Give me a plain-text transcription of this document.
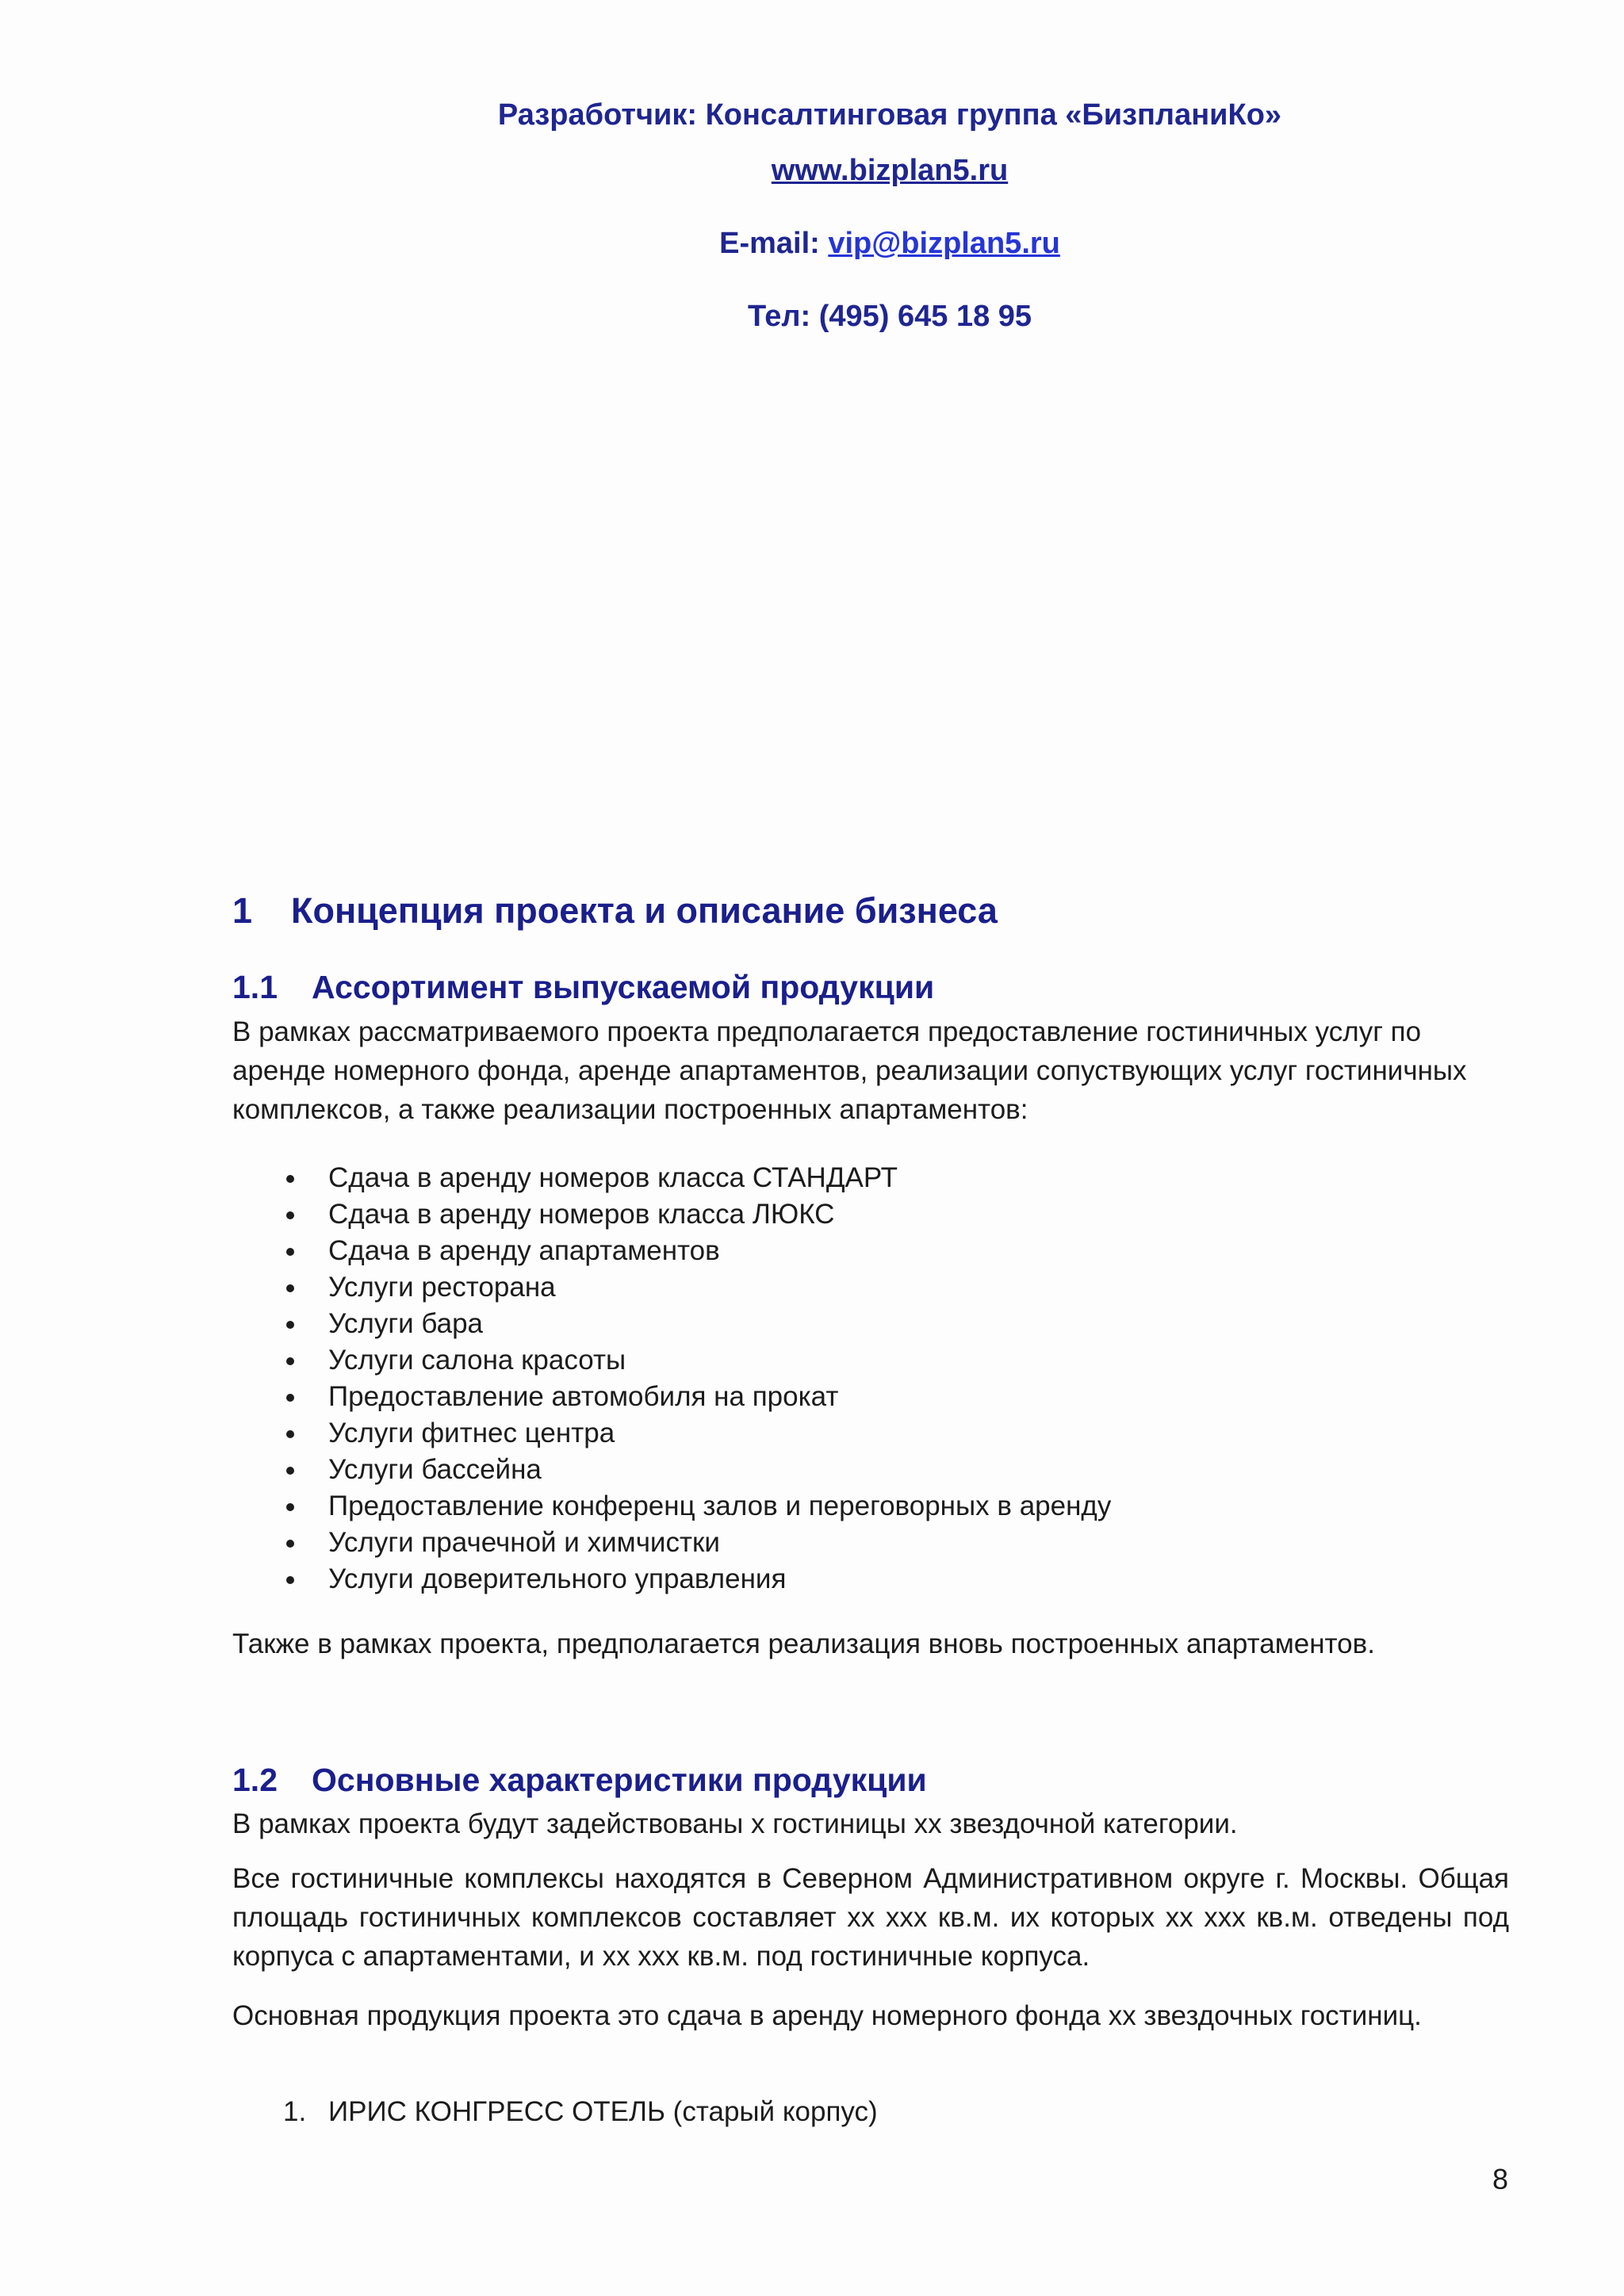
Разработчик: Консалтинговая группа «БизпланиКо»
www.bizplan5.ru
E-mail: vip@bizplan5.ru
Тел: (495) 645 18 95
1 Концепция проекта и описание бизнеса
1.1 Ассортимент выпускаемой продукции
В рамках рассматриваемого проекта предполагается предоставление гостиничных услуг по аренде номерного фонда, аренде апартаментов, реализации сопуствующих услуг гостиничных комплексов, а также реализации построенных апартаментов:
Сдача в аренду номеров класса СТАНДАРТ
Сдача в аренду номеров класса ЛЮКС
Сдача в аренду апартаментов
Услуги ресторана
Услуги бара
Услуги салона красоты
Предоставление автомобиля на прокат
Услуги фитнес центра
Услуги бассейна
Предоставление конференц залов и переговорных в аренду
Услуги прачечной и химчистки
Услуги доверительного управления
Также в рамках проекта, предполагается реализация вновь построенных апартаментов.
1.2 Основные характеристики продукции
В рамках проекта будут задействованы x гостиницы xx звездочной категории.
Все гостиничные комплексы находятся в Северном Административном округе г. Москвы. Общая площадь гостиничных комплексов составляет xx xxx кв.м. их которых xx xxx кв.м. отведены под корпуса с апартаментами, и xx xxx кв.м. под гостиничные корпуса.
Основная продукция проекта это сдача в аренду номерного фонда xx звездочных гостиниц.
1. ИРИС КОНГРЕСС ОТЕЛЬ (старый корпус)
8
